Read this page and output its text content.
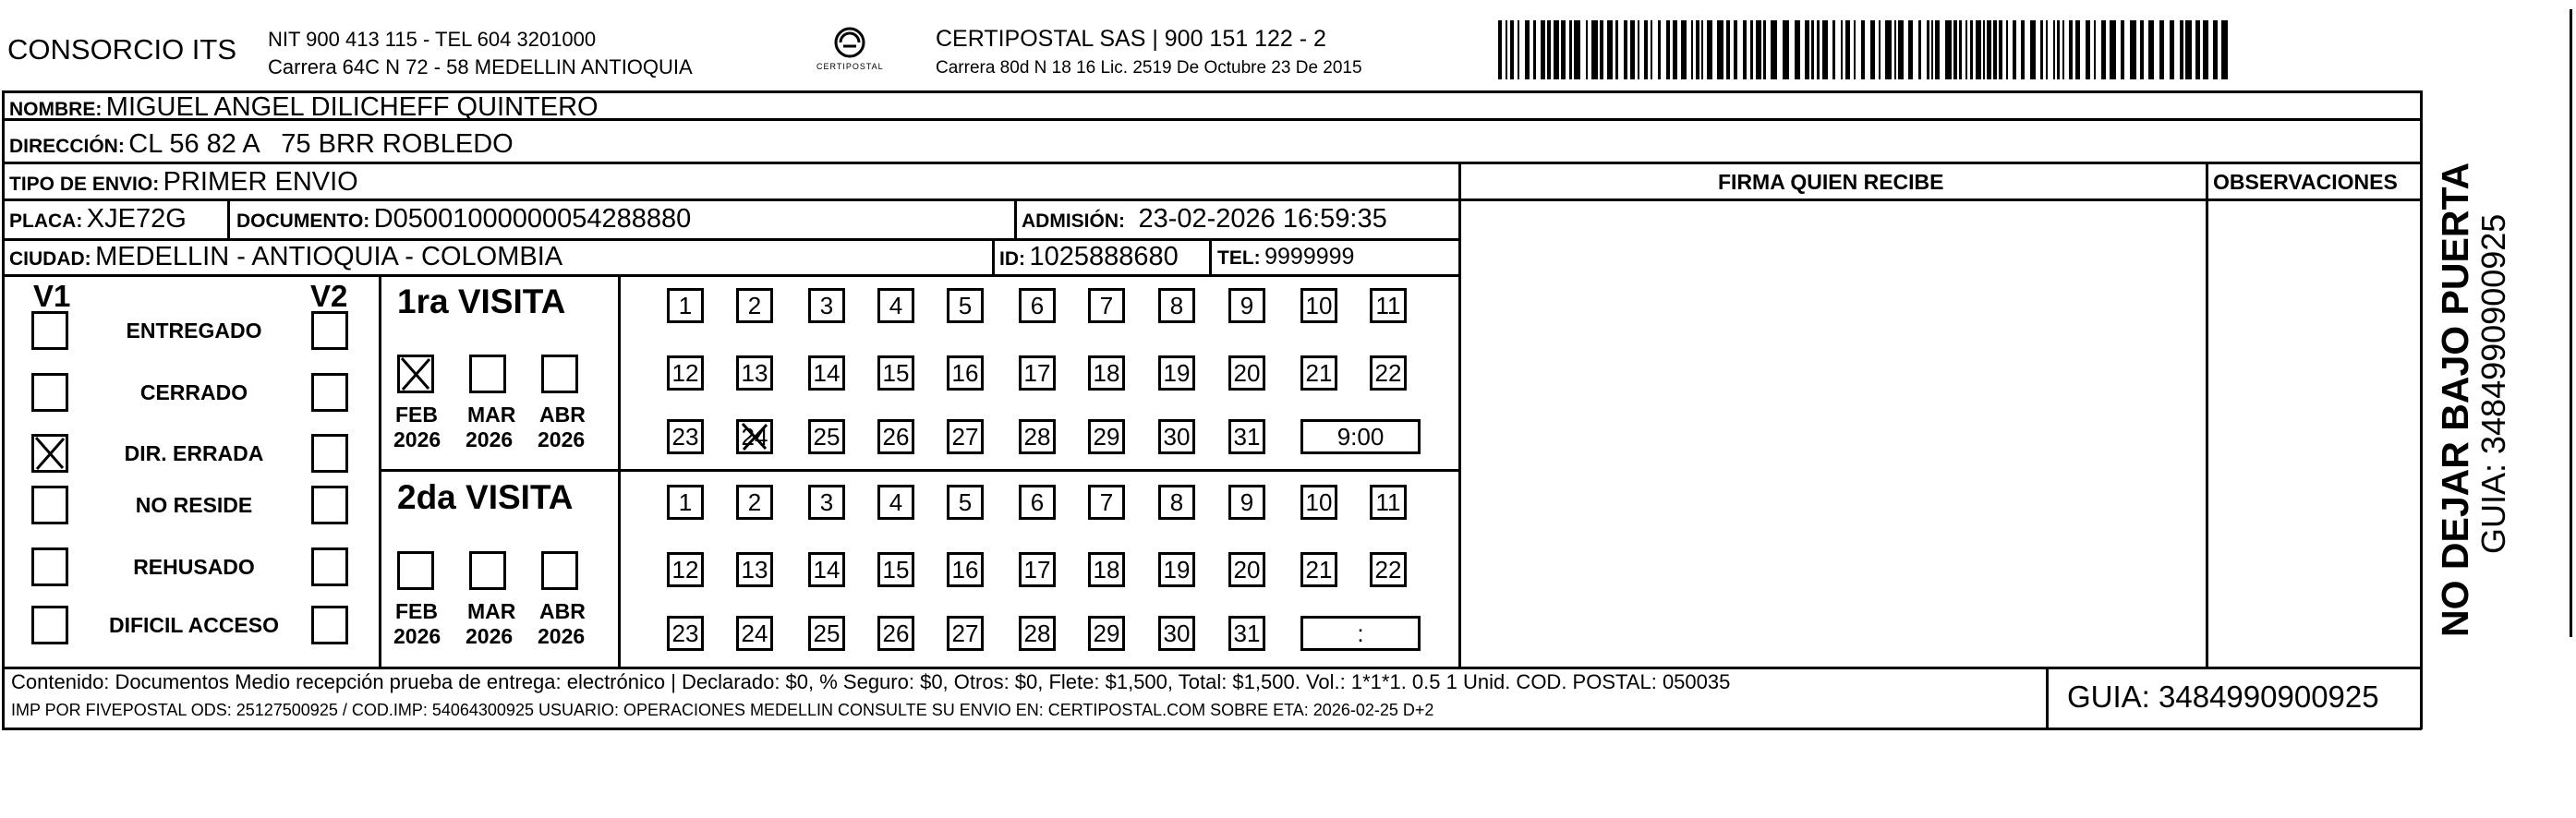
CONSORCIO ITS NIT 900 413 115 - TEL 604 3201000
Carrera 64C N 72 - 58 MEDELLIN ANTIOQUIA	CERTIPOSTAL
CERTIPOSTAL SAS | 900 151 122 - 2
Carrera 80d N 18 16 Lic. 2519 De Octubre 23 De 2015
NOMBRE: MIGUEL ANGEL DILICHEFF QUINTERO
DIRECCIÓN: CL 56 82 A   75 BRR ROBLEDO
TIPO DE ENVIO: PRIMER ENVIO	FIRMA QUIEN RECIBE	OBSERVACIONES
PLACA: XJE72G	DOCUMENTO: D05001000000054288880	ADMISIÓN: 23-02-2026 16:59:35
CIUDAD: MEDELLIN - ANTIOQUIA - COLOMBIA	ID: 1025888680 TEL: 9999999
V1	V2
ENTREGADO
CERRADO
DIR. ERRADA
NO RESIDE
REHUSADO
DIFICIL ACCESO
1ra VISITA
2da VISITA
FEB
2026
MAR
2026
ABR
2026
1	2	3	4	5	6	7	8	9	10 11
12 13 14 15 16 17 18 19 20 21 22
23 24 25 26 27 28 29 30 31	9:00
FEB
2026
MAR
2026
ABR
2026
1	2	3	4	5	6	7	8	9	10 11
12 13 14 15 16 17 18 19 20 21 22
23 24 25 26 27 28 29 30 31	:
Contenido: Documentos Medio recepción prueba de entrega: electrónico | Declarado: $0, % Seguro: $0, Otros: $0, Flete: $1,500, Total: $1,500. Vol.: 1*1*1. 0.5 1 Unid. COD. POSTAL: 050035
IMP POR FIVEPOSTAL ODS: 25127500925 / COD.IMP: 54064300925 USUARIO: OPERACIONES MEDELLIN CONSULTE SU ENVIO EN: CERTIPOSTAL.COM SOBRE ETA: 2026-02-25 D+2	GUIA: 3484990900925
NO DEJAR BAJO PUERTA
GUIA: 3484990900925
